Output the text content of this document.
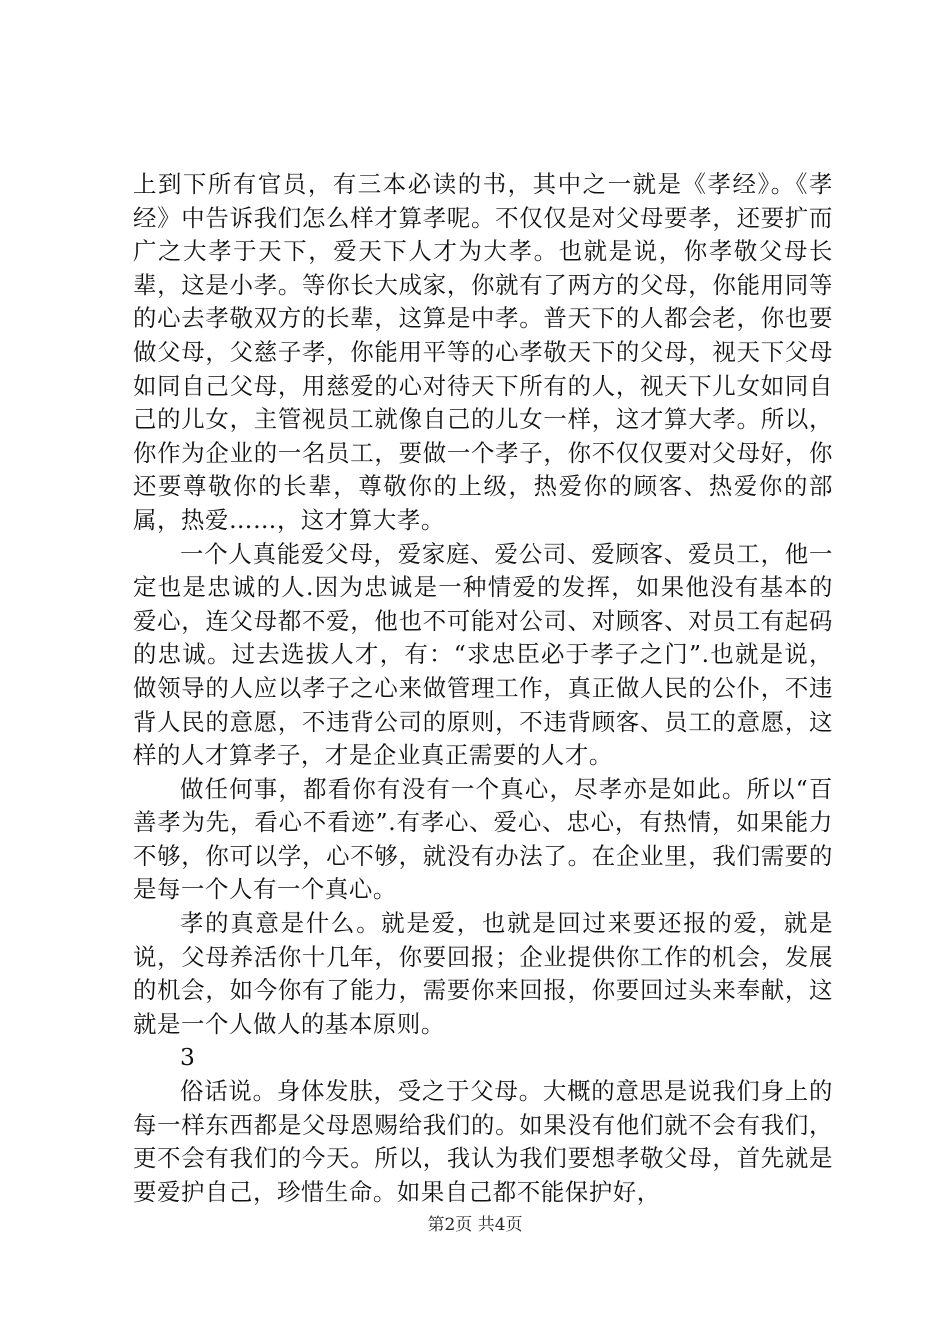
上到下所有官员，有三本必读的书，其中之一就是《孝经》。《孝经》中告诉我们怎么样才算孝呢。不仅仅是对父母要孝，还要扩而广之大孝于天下，爱天下人才为大孝。也就是说，你孝敬父母长辈，这是小孝。等你长大成家，你就有了两方的父母，你能用同等的心去孝敬双方的长辈，这算是中孝。普天下的人都会老，你也要做父母，父慈子孝，你能用平等的心孝敬天下的父母，视天下父母如同自己父母，用慈爱的心对待天下所有的人，视天下儿女如同自己的儿女，主管视员工就像自己的儿女一样，这才算大孝。所以，你作为企业的一名员工，要做一个孝子，你不仅仅要对父母好，你还要尊敬你的长辈，尊敬你的上级，热爱你的顾客、热爱你的部属，热爱……，这才算大孝。

一个人真能爱父母，爱家庭、爱公司、爱顾客、爱员工，他一定也是忠诚的人.因为忠诚是一种情爱的发挥，如果他没有基本的爱心，连父母都不爱，他也不可能对公司、对顾客、对员工有起码的忠诚。过去选拔人才，有：“求忠臣必于孝子之门”.也就是说，做领导的人应以孝子之心来做管理工作，真正做人民的公仆，不违背人民的意愿，不违背公司的原则，不违背顾客、员工的意愿，这样的人才算孝子，才是企业真正需要的人才。

做任何事，都看你有没有一个真心，尽孝亦是如此。所以“百善孝为先，看心不看迹”.有孝心、爱心、忠心，有热情，如果能力不够，你可以学，心不够，就没有办法了。在企业里，我们需要的是每一个人有一个真心。

孝的真意是什么。就是爱，也就是回过来要还报的爱，就是说，父母养活你十几年，你要回报；企业提供你工作的机会，发展的机会，如今你有了能力，需要你来回报，你要回过头来奉献，这就是一个人做人的基本原则。

3

俗话说。身体发肤，受之于父母。大概的意思是说我们身上的每一样东西都是父母恩赐给我们的。如果没有他们就不会有我们，更不会有我们的今天。所以，我认为我们要想孝敬父母，首先就是要爱护自己，珍惜生命。如果自己都不能保护好，

第2页 共4页
